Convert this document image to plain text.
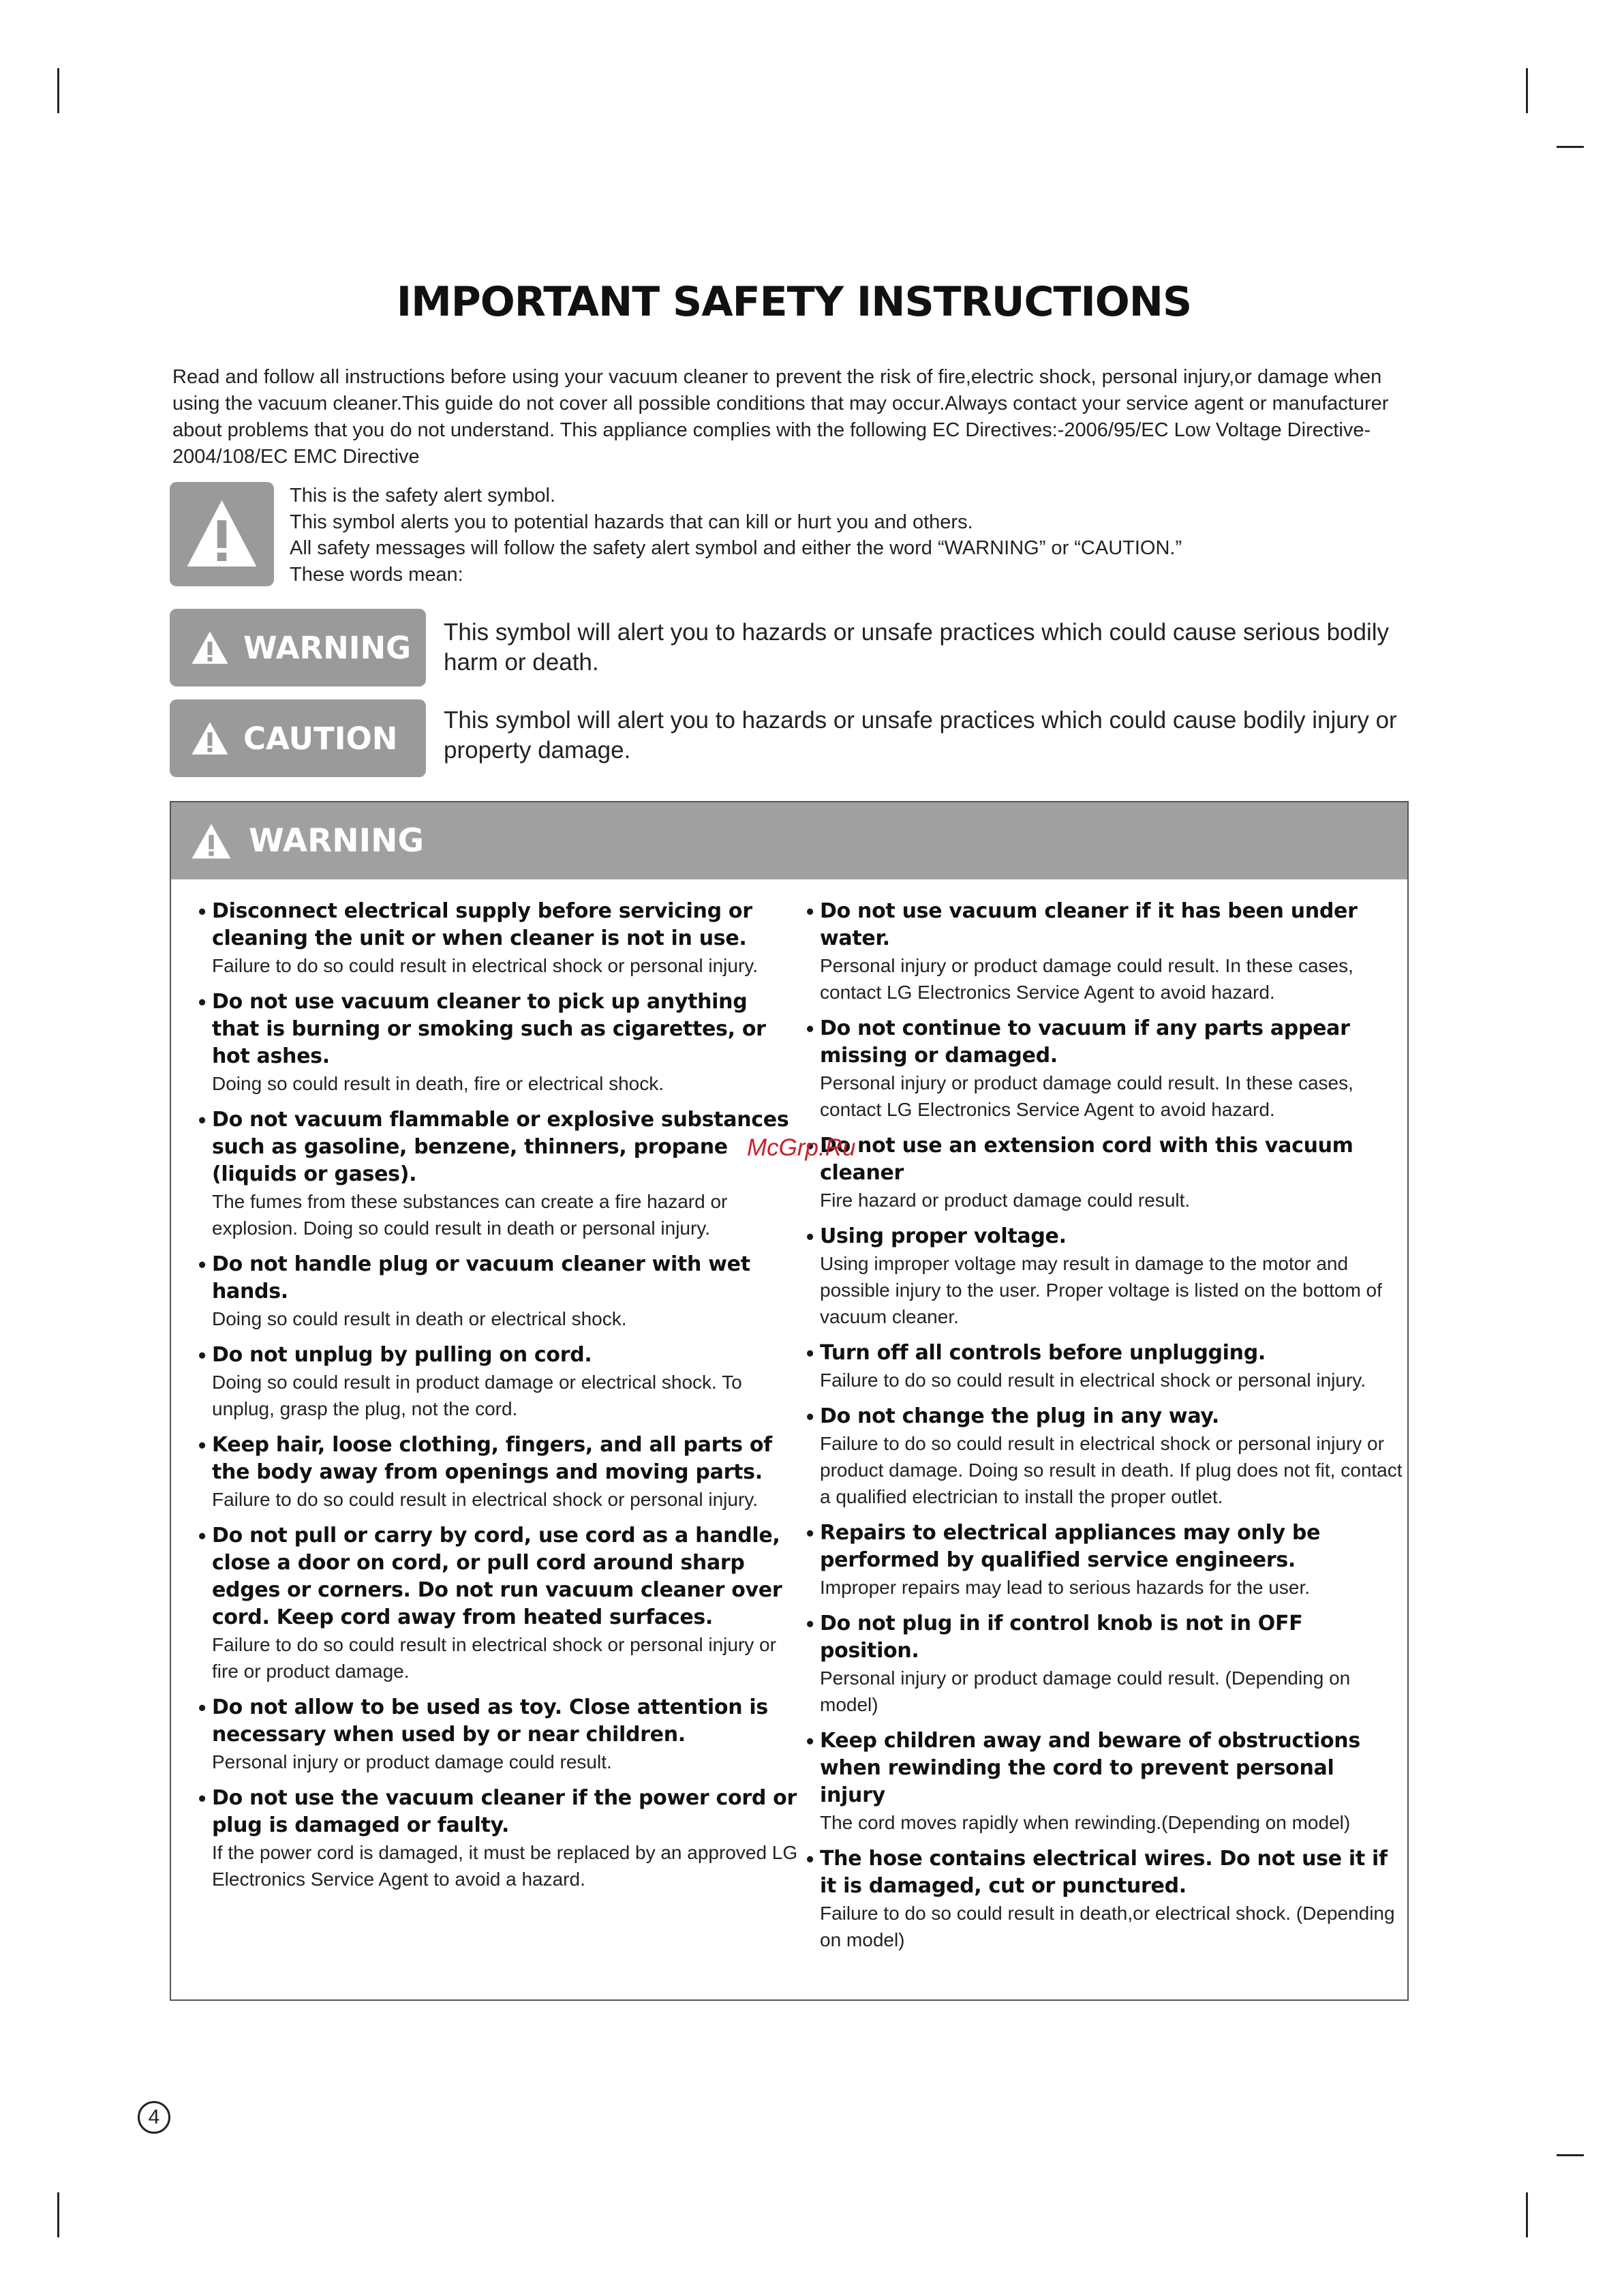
IMPORTANT SAFETY INSTRUCTIONS
Read and follow all instructions before using your vacuum cleaner to prevent the risk of fire,electric shock, personal injury,or damage when using the vacuum cleaner.This guide do not cover all possible conditions that may occur.Always contact your service agent or manufacturer about problems that you do not understand. This appliance complies with the following EC Directives:-2006/95/EC Low Voltage Directive-2004/108/EC EMC Directive
This is the safety alert symbol.
This symbol alerts you to potential hazards that can kill or hurt you and others.
All safety messages will follow the safety alert symbol and either the word “WARNING” or “CAUTION.”
These words mean:
WARNING This symbol will alert you to hazards or unsafe practices which could cause serious bodily harm or death.
CAUTION This symbol will alert you to hazards or unsafe practices which could cause bodily injury or property damage.
WARNING
• Disconnect electrical supply before servicing or cleaning the unit or when cleaner is not in use.
Failure to do so could result in electrical shock or personal injury.
• Do not use vacuum cleaner to pick up anything that is burning or smoking such as cigarettes, or hot ashes.
Doing so could result in death, fire or electrical shock.
• Do not vacuum flammable or explosive substances such as gasoline, benzene, thinners, propane (liquids or gases).
The fumes from these substances can create a fire hazard or explosion. Doing so could result in death or personal injury.
• Do not handle plug or vacuum cleaner with wet hands.
Doing so could result in death or electrical shock.
• Do not unplug by pulling on cord.
Doing so could result in product damage or electrical shock. To unplug, grasp the plug, not the cord.
• Keep hair, loose clothing, fingers, and all parts of the body away from openings and moving parts.
Failure to do so could result in electrical shock or personal injury.
• Do not pull or carry by cord, use cord as a handle, close a door on cord, or pull cord around sharp edges or corners. Do not run vacuum cleaner over cord. Keep cord away from heated surfaces.
Failure to do so could result in electrical shock or personal injury or fire or product damage.
• Do not allow to be used as toy. Close attention is necessary when used by or near children.
Personal injury or product damage could result.
• Do not use the vacuum cleaner if the power cord or plug is damaged or faulty.
If the power cord is damaged, it must be replaced by an approved LG Electronics Service Agent to avoid a hazard.
• Do not use vacuum cleaner if it has been under water.
Personal injury or product damage could result. In these cases, contact LG Electronics Service Agent to avoid hazard.
• Do not continue to vacuum if any parts appear missing or damaged.
Personal injury or product damage could result. In these cases, contact LG Electronics Service Agent to avoid hazard.
• Do not use an extension cord with this vacuum cleaner
Fire hazard or product damage could result.
• Using proper voltage.
Using improper voltage may result in damage to the motor and possible injury to the user. Proper voltage is listed on the bottom of vacuum cleaner.
• Turn off all controls before unplugging.
Failure to do so could result in electrical shock or personal injury.
• Do not change the plug in any way.
Failure to do so could result in electrical shock or personal injury or product damage. Doing so result in death. If plug does not fit, contact a qualified electrician to install the proper outlet.
• Repairs to electrical appliances may only be performed by qualified service engineers.
Improper repairs may lead to serious hazards for the user.
• Do not plug in if control knob is not in OFF position.
Personal injury or product damage could result. (Depending on model)
• Keep children away and beware of obstructions when rewinding the cord to prevent personal injury
The cord moves rapidly when rewinding.(Depending on model)
• The hose contains electrical wires. Do not use it if it is damaged, cut or punctured.
Failure to do so could result in death,or electrical shock. (Depending on model)
McGrp.Ru
4
